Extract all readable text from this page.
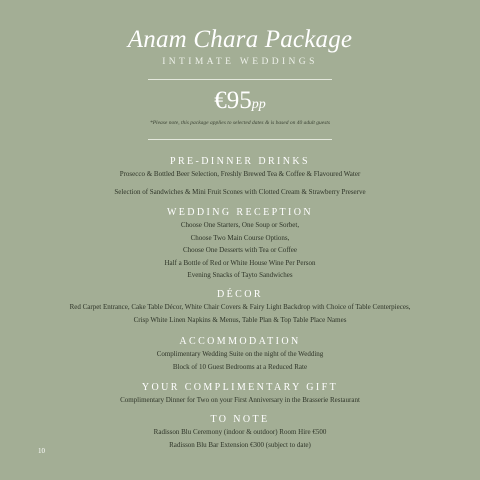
Anam Chara Package
INTIMATE WEDDINGS
€95pp
*Please note, this package applies to selected dates & is based on 40 adult guests
PRE-DINNER DRINKS
Prosecco & Bottled Beer Selection, Freshly Brewed Tea & Coffee & Flavoured Water
Selection of Sandwiches & Mini Fruit Scones with Clotted Cream & Strawberry Preserve
WEDDING RECEPTION
Choose One Starters, One Soup or Sorbet,
Choose Two Main Course Options,
Choose One Desserts with Tea or Coffee
Half a Bottle of Red or White House Wine Per Person
Evening Snacks of Tayto Sandwiches
DÉCOR
Red Carpet Entrance, Cake Table Décor, White Chair Covers & Fairy Light Backdrop with Choice of Table Centerpieces,
Crisp White Linen Napkins & Menus, Table Plan & Top Table Place Names
ACCOMMODATION
Complimentary Wedding Suite on the night of the Wedding
Block of 10 Guest Bedrooms at a Reduced Rate
YOUR COMPLIMENTARY GIFT
Complimentary Dinner for Two on your First Anniversary in the Brasserie Restaurant
TO NOTE
Radisson Blu Ceremony (indoor & outdoor) Room Hire €500
Radisson Blu Bar Extension €300 (subject to date)
10
